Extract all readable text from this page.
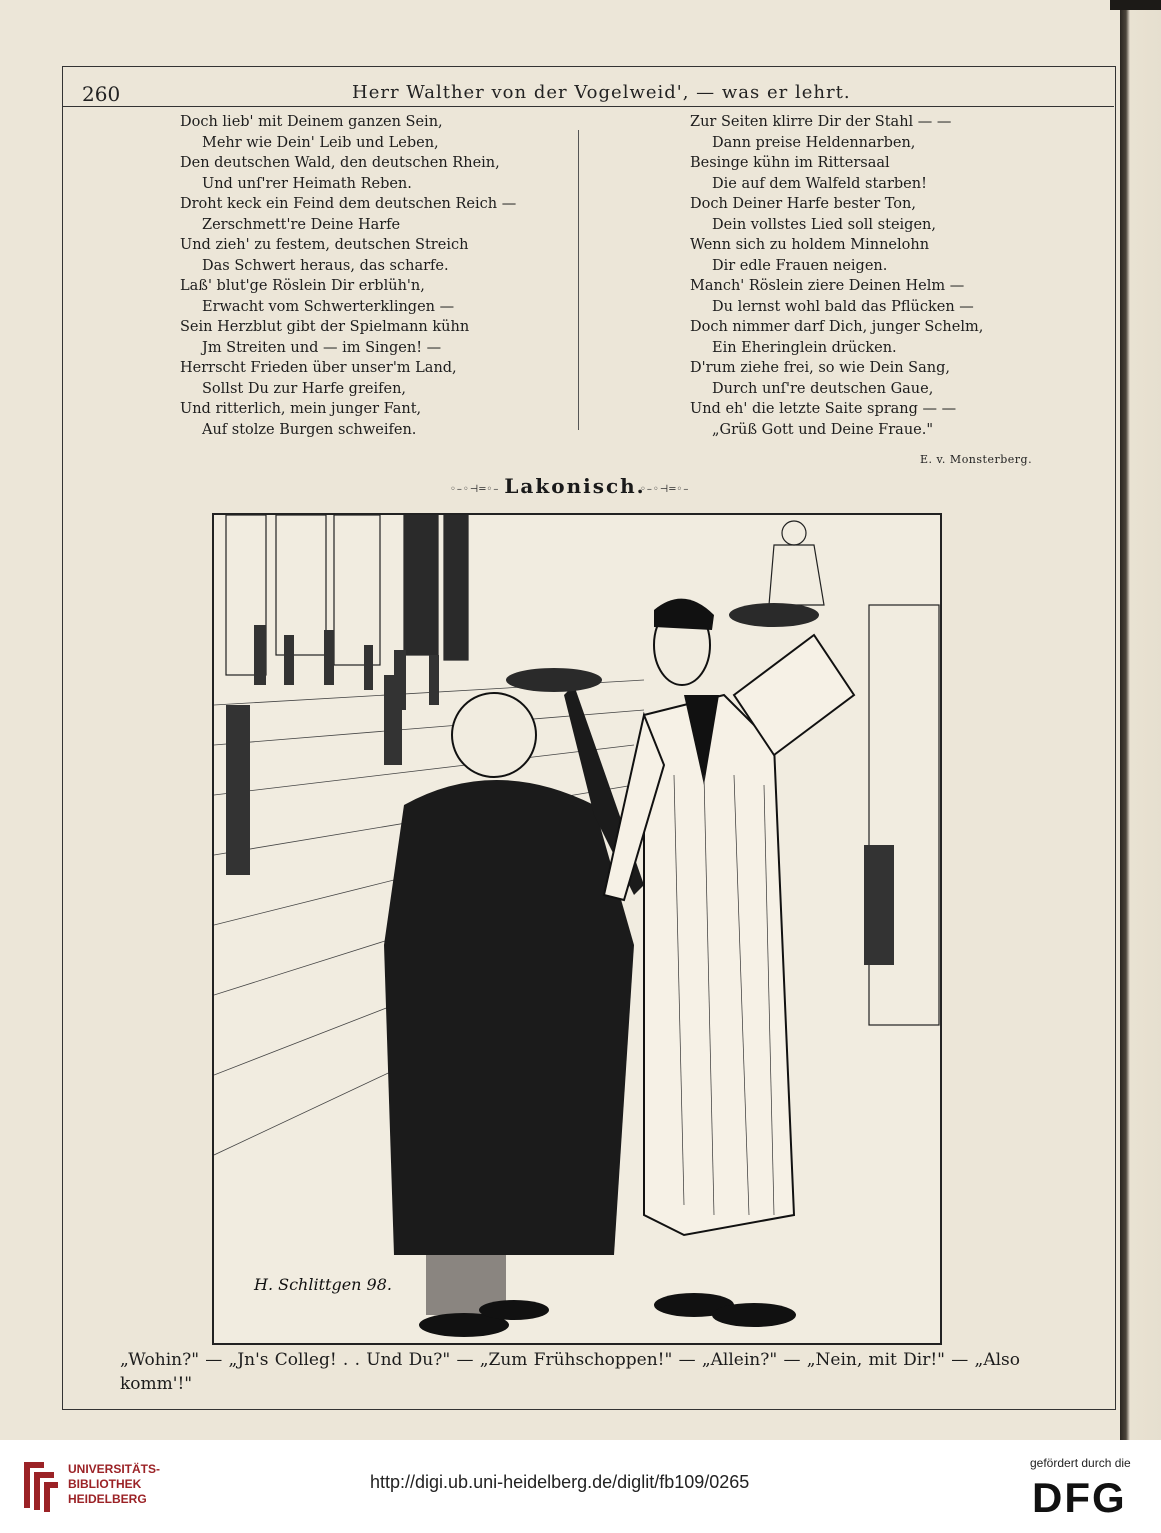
260	Herr Walther von der Vogelweid', — was er lehrt.
Doch lieb' mit Deinem ganzen Sein,
Mehr wie Dein' Leib und Leben,
Den deutschen Wald, den deutschen Rhein,
Und unſ'rer Heimath Reben.
Droht keck ein Feind dem deutschen Reich —
Zerschmett're Deine Harfe
Und zieh' zu festem, deutschen Streich
Das Schwert heraus, das scharfe.
Laß' blut'ge Röslein Dir erblüh'n,
Erwacht vom Schwerterklingen —
Sein Herzblut gibt der Spielmann kühn
Jm Streiten und — im Singen! —
Herrscht Frieden über unser'm Land,
Sollst Du zur Harfe greifen,
Und ritterlich, mein junger Fant,
Auf stolze Burgen schweifen.
Zur Seiten klirre Dir der Stahl — —
Dann preise Heldennarben,
Besinge kühn im Rittersaal
Die auf dem Walfeld starben!
Doch Deiner Harfe bester Ton,
Dein vollstes Lied soll steigen,
Wenn sich zu holdem Minnelohn
Dir edle Frauen neigen.
Manch' Röslein ziere Deinen Helm —
Du lernst wohl bald das Pflücken —
Doch nimmer darf Dich, junger Schelm,
Ein Eheringlein drücken.
D'rum ziehe frei, so wie Dein Sang,
Durch unſ're deutschen Gaue,
Und eh' die letzte Saite sprang — —
„Grüß Gott und Deine Fraue."
E. v. Monsterberg.
◦–◦⊣═◦– Lakonisch.
◦–◦⊣═◦–
H. Schlittgen 98.
„Wohin?" — „Jn's Colleg! . . Und Du?" — „Zum Frühschoppen!" — „Allein?" — „Nein, mit Dir!" — „Also komm'!"
UNIVERSITÄTS-
BIBLIOTHEK
HEIDELBERG
http://digi.ub.uni-heidelberg.de/diglit/fb109/0265
gefördert durch die
DFG
